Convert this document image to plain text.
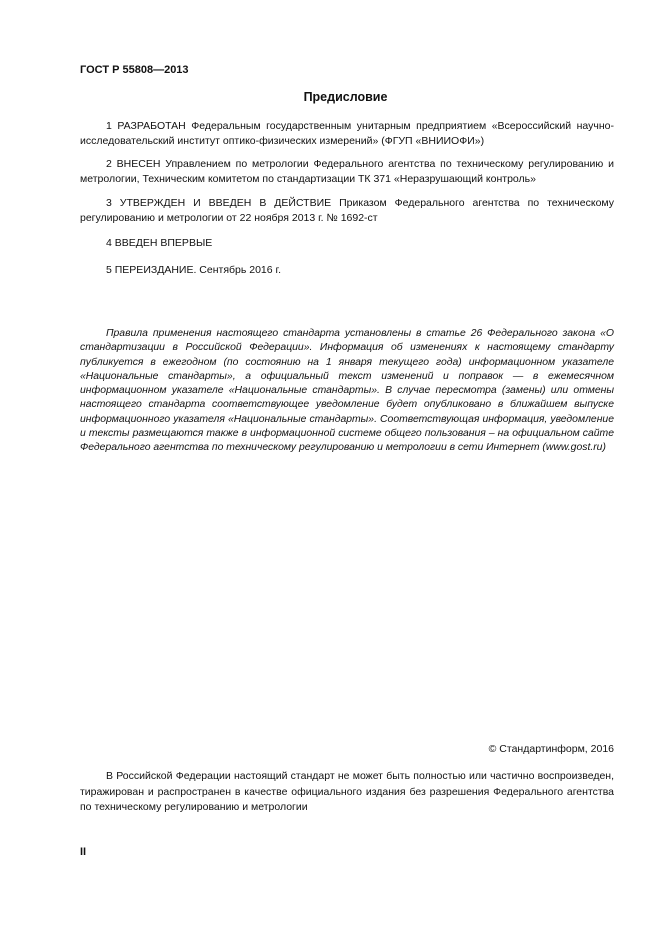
ГОСТ Р 55808—2013
Предисловие
1 РАЗРАБОТАН Федеральным государственным унитарным предприятием «Всероссийский научно-исследовательский институт оптико-физических измерений» (ФГУП «ВНИИОФИ»)
2 ВНЕСЕН Управлением по метрологии Федерального агентства по техническому регулированию и метрологии, Техническим комитетом по стандартизации ТК 371 «Неразрушающий контроль»
3 УТВЕРЖДЕН И ВВЕДЕН В ДЕЙСТВИЕ Приказом Федерального агентства по техническому регулированию и метрологии от 22 ноября 2013 г. № 1692-ст
4 ВВЕДЕН ВПЕРВЫЕ
5 ПЕРЕИЗДАНИЕ. Сентябрь 2016 г.
Правила применения настоящего стандарта установлены в статье 26 Федерального закона «О стандартизации в Российской Федерации». Информация об изменениях к настоящему стандарту публикуется в ежегодном (по состоянию на 1 января текущего года) информационном указателе «Национальные стандарты», а официальный текст изменений и поправок — в ежемесячном информационном указателе «Национальные стандарты». В случае пересмотра (замены) или отмены настоящего стандарта соответствующее уведомление будет опубликовано в ближайшем выпуске информационного указателя «Национальные стандарты». Соответствующая информация, уведомление и тексты размещаются также в информационной системе общего пользования – на официальном сайте Федерального агентства по техническому регулированию и метрологии в сети Интернет (www.gost.ru)
© Стандартинформ, 2016
В Российской Федерации настоящий стандарт не может быть полностью или частично воспроизведен, тиражирован и распространен в качестве официального издания без разрешения Федерального агентства по техническому регулированию и метрологии
II
